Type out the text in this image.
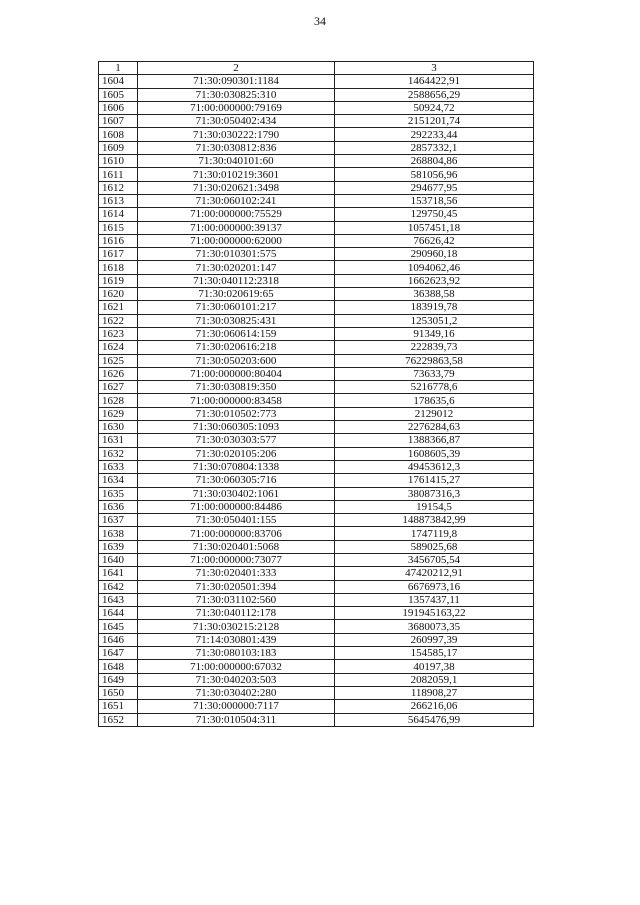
34
1	2	3
1604	71:30:090301:1184	1464422,91
1605	71:30:030825:310	2588656,29
1606	71:00:000000:79169	50924,72
1607	71:30:050402:434	2151201,74
1608	71:30:030222:1790	292233,44
1609	71:30:030812:836	2857332,1
1610	71:30:040101:60	268804,86
1611	71:30:010219:3601	581056,96
1612	71:30:020621:3498	294677,95
1613	71:30:060102:241	153718,56
1614	71:00:000000:75529	129750,45
1615	71:00:000000:39137	1057451,18
1616	71:00:000000:62000	76626,42
1617	71:30:010301:575	290960,18
1618	71:30:020201:147	1094062,46
1619	71:30:040112:2318	1662623,92
1620	71:30:020619:65	36388,58
1621	71:30:060101:217	183919,78
1622	71:30:030825:431	1253051,2
1623	71:30:060614:159	91349,16
1624	71:30:020616:218	222839,73
1625	71:30:050203:600	76229863,58
1626	71:00:000000:80404	73633,79
1627	71:30:030819:350	5216778,6
1628	71:00:000000:83458	178635,6
1629	71:30:010502:773	2129012
1630	71:30:060305:1093	2276284,63
1631	71:30:030303:577	1388366,87
1632	71:30:020105:206	1608605,39
1633	71:30:070804:1338	49453612,3
1634	71:30:060305:716	1761415,27
1635	71:30:030402:1061	38087316,3
1636	71:00:000000:84486	19154,5
1637	71:30:050401:155	148873842,99
1638	71:00:000000:83706	1747119,8
1639	71:30:020401:5068	589025,68
1640	71:00:000000:73077	3456705,54
1641	71:30:020401:333	47420212,91
1642	71:30:020501:394	6676973,16
1643	71:30:031102:560	1357437,11
1644	71:30:040112:178	191945163,22
1645	71:30:030215:2128	3680073,35
1646	71:14:030801:439	260997,39
1647	71:30:080103:183	154585,17
1648	71:00:000000:67032	40197,38
1649	71:30:040203:503	2082059,1
1650	71:30:030402:280	118908,27
1651	71:30:000000:7117	266216,06
1652	71:30:010504:311	5645476,99
